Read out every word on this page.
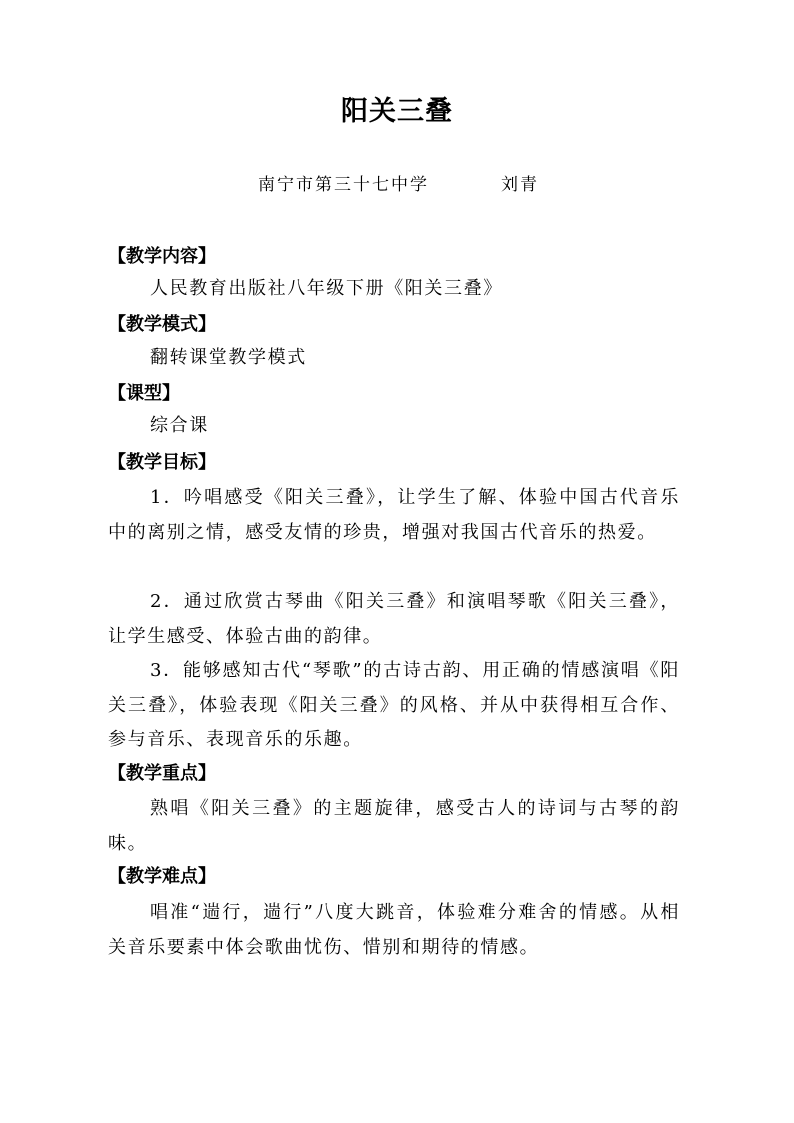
阳关三叠
南宁市第三十七中学	刘青
【教学内容】
人民教育出版社八年级下册《阳关三叠》
【教学模式】
翻转课堂教学模式
【课型】
综合课
【教学目标】
1．吟唱感受《阳关三叠》，让学生了解、体验中国古代音乐中的离别之情，感受友情的珍贵，增强对我国古代音乐的热爱。
2．通过欣赏古琴曲《阳关三叠》和演唱琴歌《阳关三叠》，让学生感受、体验古曲的韵律。
3．能够感知古代“琴歌”的古诗古韵、用正确的情感演唱《阳关三叠》，体验表现《阳关三叠》的风格、并从中获得相互合作、参与音乐、表现音乐的乐趣。
【教学重点】
熟唱《阳关三叠》的主题旋律，感受古人的诗词与古琴的韵味。
【教学难点】
唱准“遄行，遄行”八度大跳音，体验难分难舍的情感。从相关音乐要素中体会歌曲忧伤、惜别和期待的情感。
